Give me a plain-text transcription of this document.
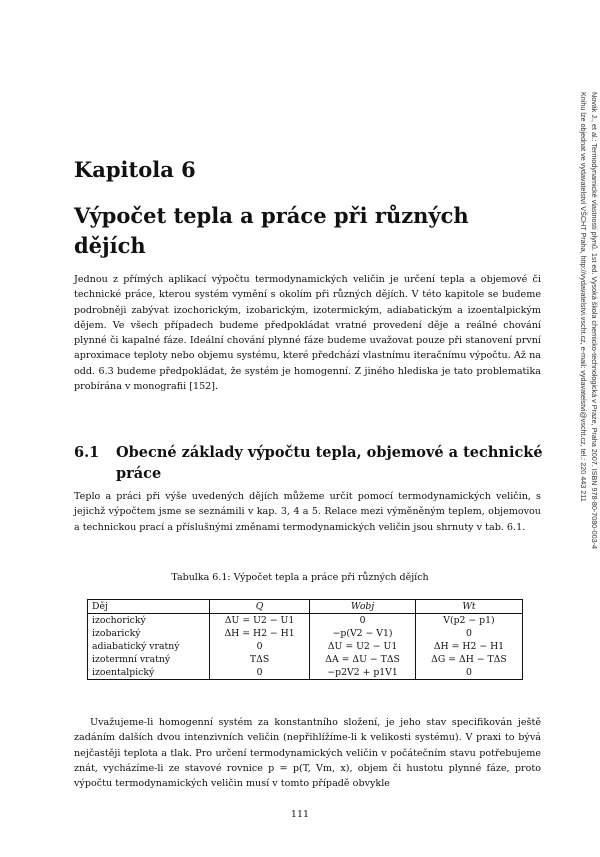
Novák J., et al.: Termodynamické vlastnosti plynů. 1st ed. Vysoká škola chemicko-technologická v Praze, Praha 2007. ISBN 978-80-7080-003-4
Knihu lze objednat ve vydavatelství VŠCHT Praha, http://vydavatelstvi.vscht.cz, e-mail: vydavatelstvi@vscht.cz, tel.: 220 443 211
Kapitola 6
Výpočet tepla a práce při různých dějích

Jednou z přímých aplikací výpočtu termodynamických veličin je určení tepla a objemové či technické práce, kterou systém vymění s okolím při různých dějích. V této kapitole se budeme podrobněji zabývat izochorickým, izobarickým, izotermickým, adiabatickým a izoentalpickým dějem. Ve všech případech budeme předpokládat vratné provedení děje a reálné chování plynné či kapalné fáze. Ideální chování plynné fáze budeme uvažovat pouze při stanovení první aproximace teploty nebo objemu systému, které předchází vlastnímu iteračnímu výpočtu. Až na odd. 6.3 budeme předpokládat, že systém je homogenní. Z jiného hlediska je tato problematika probírána v monografii [152].

6.1 Obecné základy výpočtu tepla, objemové a technické práce

Teplo a práci při výše uvedených dějích můžeme určit pomocí termodynamických veličin, s jejichž výpočtem jsme se seznámili v kap. 3, 4 a 5. Relace mezi výměněným teplem, objemovou a technickou prací a příslušnými změnami termodynamických veličin jsou shrnuty v tab. 6.1.

Tabulka 6.1: Výpočet tepla a práce při různých dějích

Děj	Q	Wobj	Wt
izochorický	ΔU = U2 − U1	0	V(p2 − p1)
izobarický	ΔH = H2 − H1	−p(V2 − V1)	0
adiabatický vratný	0	ΔU = U2 − U1	ΔH = H2 − H1
izotermní vratný	TΔS	ΔA = ΔU − TΔS	ΔG = ΔH − TΔS
izoentalpický	0	−p2V2 + p1V1	0

Uvažujeme-li homogenní systém za konstantního složení, je jeho stav specifikován ještě zadáním dalších dvou intenzivních veličin (nepřihlížíme-li k velikosti systému). V praxi to bývá nejčastěji teplota a tlak. Pro určení termodynamických veličin v počátečním stavu potřebujeme znát, vycházíme-li ze stavové rovnice p = p(T, Vm, x), objem či hustotu plynné fáze, proto výpočtu termodynamických veličin musí v tomto případě obvykle

111
